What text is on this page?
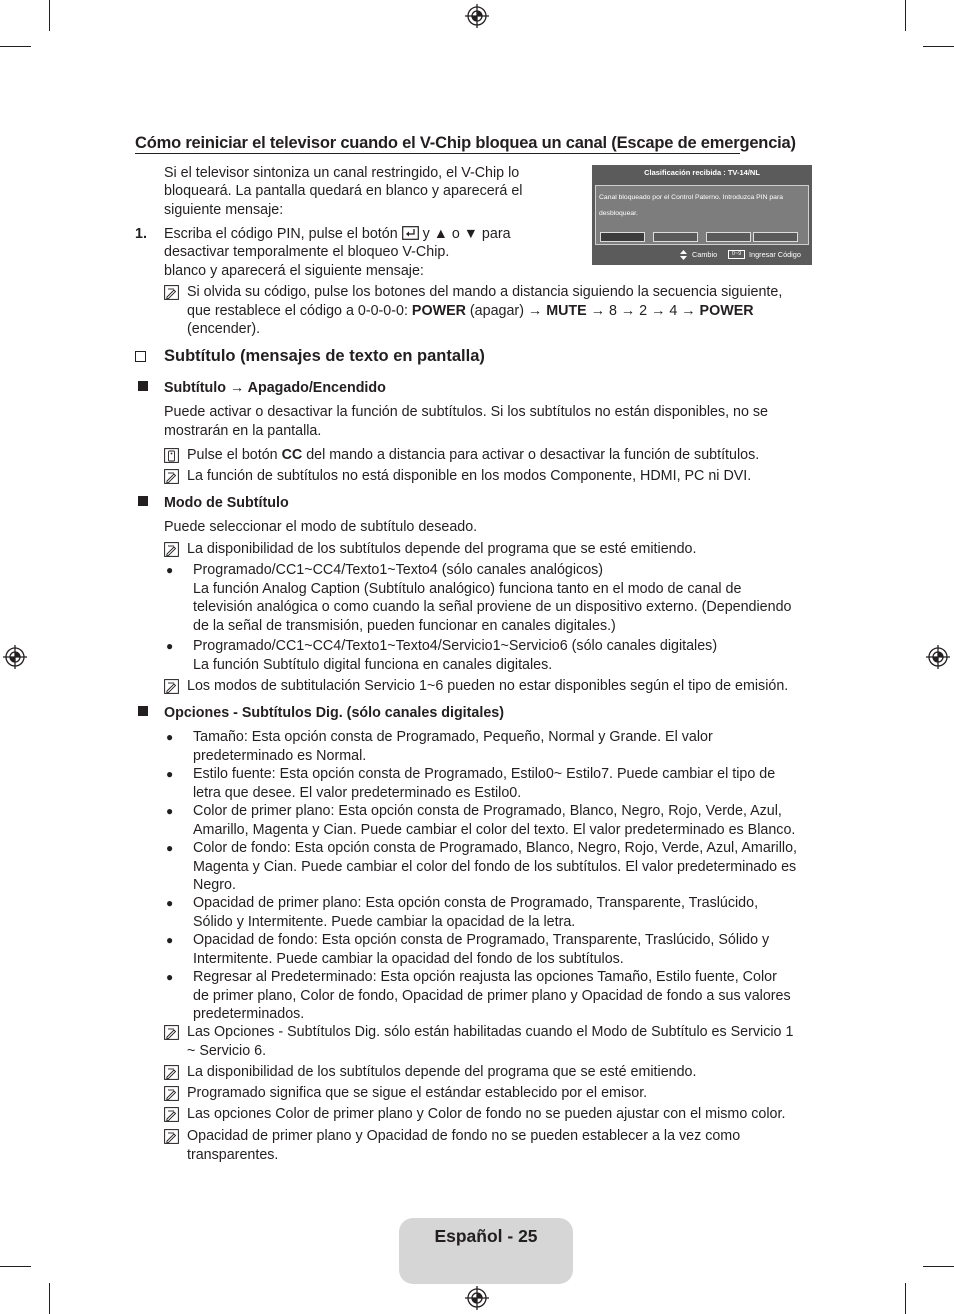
Cómo reiniciar el televisor cuando el V-Chip bloquea un canal (Escape de emergencia)
Si el televisor sintoniza un canal restringido, el V-Chip lo
bloqueará. La pantalla quedará en blanco y aparecerá el
siguiente mensaje:
1. Escriba el código PIN, pulse el botón y ▲ o ▼ para
desactivar temporalmente el bloqueo V-Chip.
blanco y aparecerá el siguiente mensaje:
Clasificación recibida : TV-14/NL
Canal bloqueado por el Control Paterno. Introduzca PIN para desbloquear.
Cambio	0~9	Ingresar Código
Si olvida su código, pulse los botones del mando a distancia siguiendo la secuencia siguiente,
que restablece el código a 0-0-0-0: POWER (apagar) → MUTE → 8 → 2 → 4 → POWER
(encender).
Subtítulo (mensajes de texto en pantalla)
Subtítulo → Apagado/Encendido
Puede activar o desactivar la función de subtítulos. Si los subtítulos no están disponibles, no se
mostrarán en la pantalla.
Pulse el botón CC del mando a distancia para activar o desactivar la función de subtítulos.
La función de subtítulos no está disponible en los modos Componente, HDMI, PC ni DVI.
Modo de Subtítulo
Puede seleccionar el modo de subtítulo deseado.
La disponibilidad de los subtítulos depende del programa que se esté emitiendo.
● Programado/CC1~CC4/Texto1~Texto4 (sólo canales analógicos)
La función Analog Caption (Subtítulo analógico) funciona tanto en el modo de canal de
televisión analógica o como cuando la señal proviene de un dispositivo externo. (Dependiendo
de la señal de transmisión, pueden funcionar en canales digitales.)
● Programado/CC1~CC4/Texto1~Texto4/Servicio1~Servicio6 (sólo canales digitales)
La función Subtítulo digital funciona en canales digitales.
Los modos de subtitulación Servicio 1~6 pueden no estar disponibles según el tipo de emisión.
Opciones - Subtítulos Dig. (sólo canales digitales)
● Tamaño: Esta opción consta de Programado, Pequeño, Normal y Grande. El valor
predeterminado es Normal.
● Estilo fuente: Esta opción consta de Programado, Estilo0~ Estilo7. Puede cambiar el tipo de
letra que desee. El valor predeterminado es Estilo0.
● Color de primer plano: Esta opción consta de Programado, Blanco, Negro, Rojo, Verde, Azul,
Amarillo, Magenta y Cian. Puede cambiar el color del texto. El valor predeterminado es Blanco.
● Color de fondo: Esta opción consta de Programado, Blanco, Negro, Rojo, Verde, Azul, Amarillo,
Magenta y Cian. Puede cambiar el color del fondo de los subtítulos. El valor predeterminado es
Negro.
● Opacidad de primer plano: Esta opción consta de Programado, Transparente, Traslúcido,
Sólido y Intermitente. Puede cambiar la opacidad de la letra.
● Opacidad de fondo: Esta opción consta de Programado, Transparente, Traslúcido, Sólido y
Intermitente. Puede cambiar la opacidad del fondo de los subtítulos.
● Regresar al Predeterminado: Esta opción reajusta las opciones Tamaño, Estilo fuente, Color
de primer plano, Color de fondo, Opacidad de primer plano y Opacidad de fondo a sus valores
predeterminados.
Las Opciones - Subtítulos Dig. sólo están habilitadas cuando el Modo de Subtítulo es Servicio 1
~ Servicio 6.
La disponibilidad de los subtítulos depende del programa que se esté emitiendo.
Programado significa que se sigue el estándar establecido por el emisor.
Las opciones Color de primer plano y Color de fondo no se pueden ajustar con el mismo color.
Opacidad de primer plano y Opacidad de fondo no se pueden establecer a la vez como
transparentes.
Español - 25
